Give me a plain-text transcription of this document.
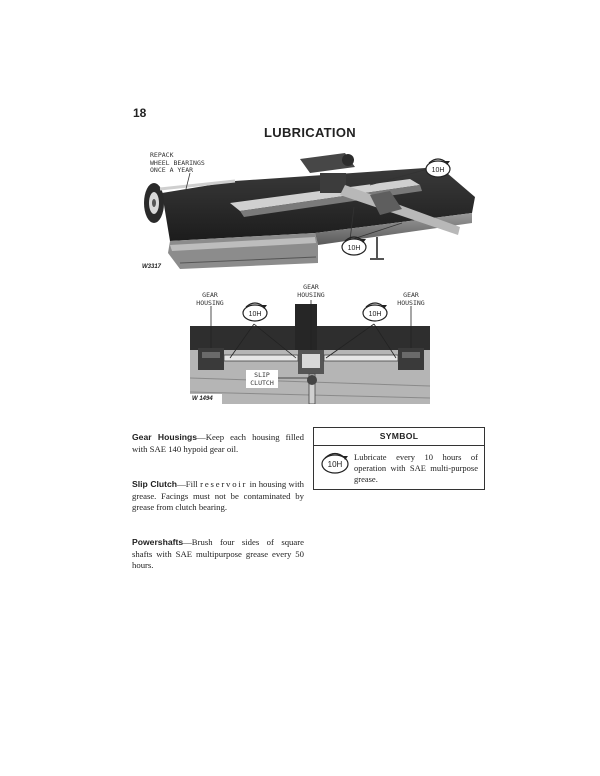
18
LUBRICATION
REPACK
WHEEL BEARINGS
ONCE A YEAR	10H
10H
W3317
GEAR
HOUSING
GEAR
HOUSING	GEAR
HOUSING
10H	10H
SLIP
CLUTCH
W 1494
Gear Housings—Keep each housing filled with SAE 140 hypoid gear oil.
Slip Clutch—Fill reservoir in housing with grease. Facings must not be contaminated by grease from clutch bearing.
Powershafts—Brush four sides of square shafts with SAE multipurpose grease every 50 hours.
SYMBOL
10H
Lubricate every 10 hours of operation with SAE multi-purpose grease.
